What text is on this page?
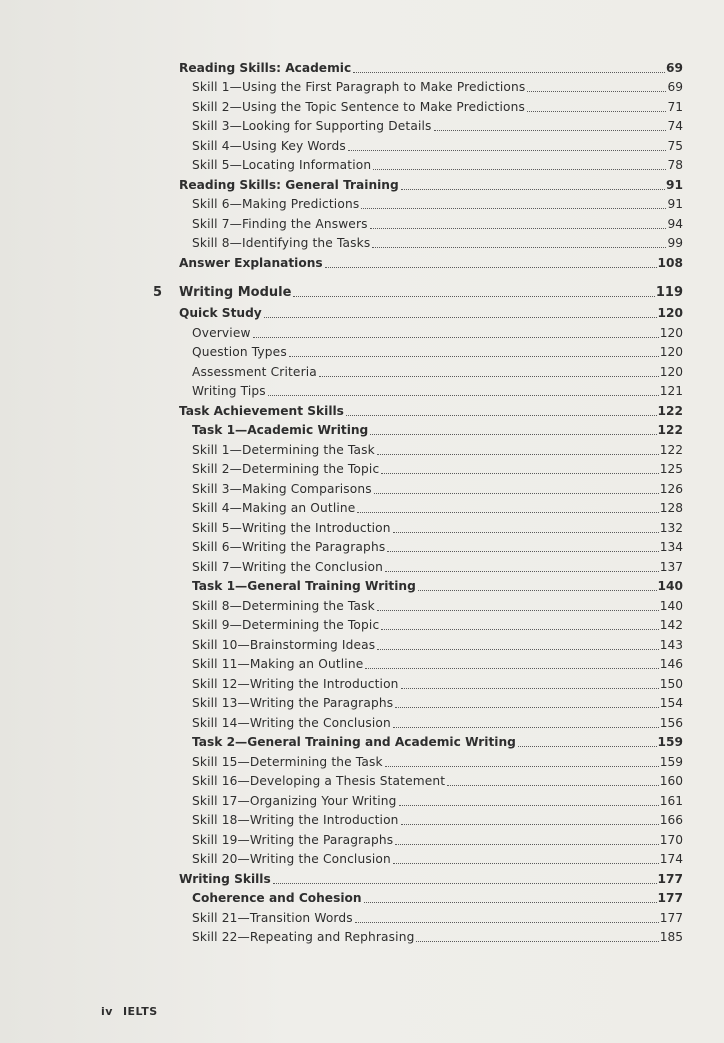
Reading Skills: Academic	69
Skill 1—Using the First Paragraph to Make Predictions	69
Skill 2—Using the Topic Sentence to Make Predictions	71
Skill 3—Looking for Supporting Details	74
Skill 4—Using Key Words	75
Skill 5—Locating Information	78
Reading Skills: General Training	91
Skill 6—Making Predictions	91
Skill 7—Finding the Answers	94
Skill 8—Identifying the Tasks	99
Answer Explanations	108
5 Writing Module	119
Quick Study	120
Overview	120
Question Types	120
Assessment Criteria	120
Writing Tips	121
Task Achievement Skills	122
Task 1—Academic Writing	122
Skill 1—Determining the Task	122
Skill 2—Determining the Topic	125
Skill 3—Making Comparisons	126
Skill 4—Making an Outline	128
Skill 5—Writing the Introduction	132
Skill 6—Writing the Paragraphs	134
Skill 7—Writing the Conclusion	137
Task 1—General Training Writing	140
Skill 8—Determining the Task	140
Skill 9—Determining the Topic	142
Skill 10—Brainstorming Ideas	143
Skill 11—Making an Outline	146
Skill 12—Writing the Introduction	150
Skill 13—Writing the Paragraphs	154
Skill 14—Writing the Conclusion	156
Task 2—General Training and Academic Writing	159
Skill 15—Determining the Task	159
Skill 16—Developing a Thesis Statement	160
Skill 17—Organizing Your Writing	161
Skill 18—Writing the Introduction	166
Skill 19—Writing the Paragraphs	170
Skill 20—Writing the Conclusion	174
Writing Skills	177
Coherence and Cohesion	177
Skill 21—Transition Words	177
Skill 22—Repeating and Rephrasing	185
iv IELTS
